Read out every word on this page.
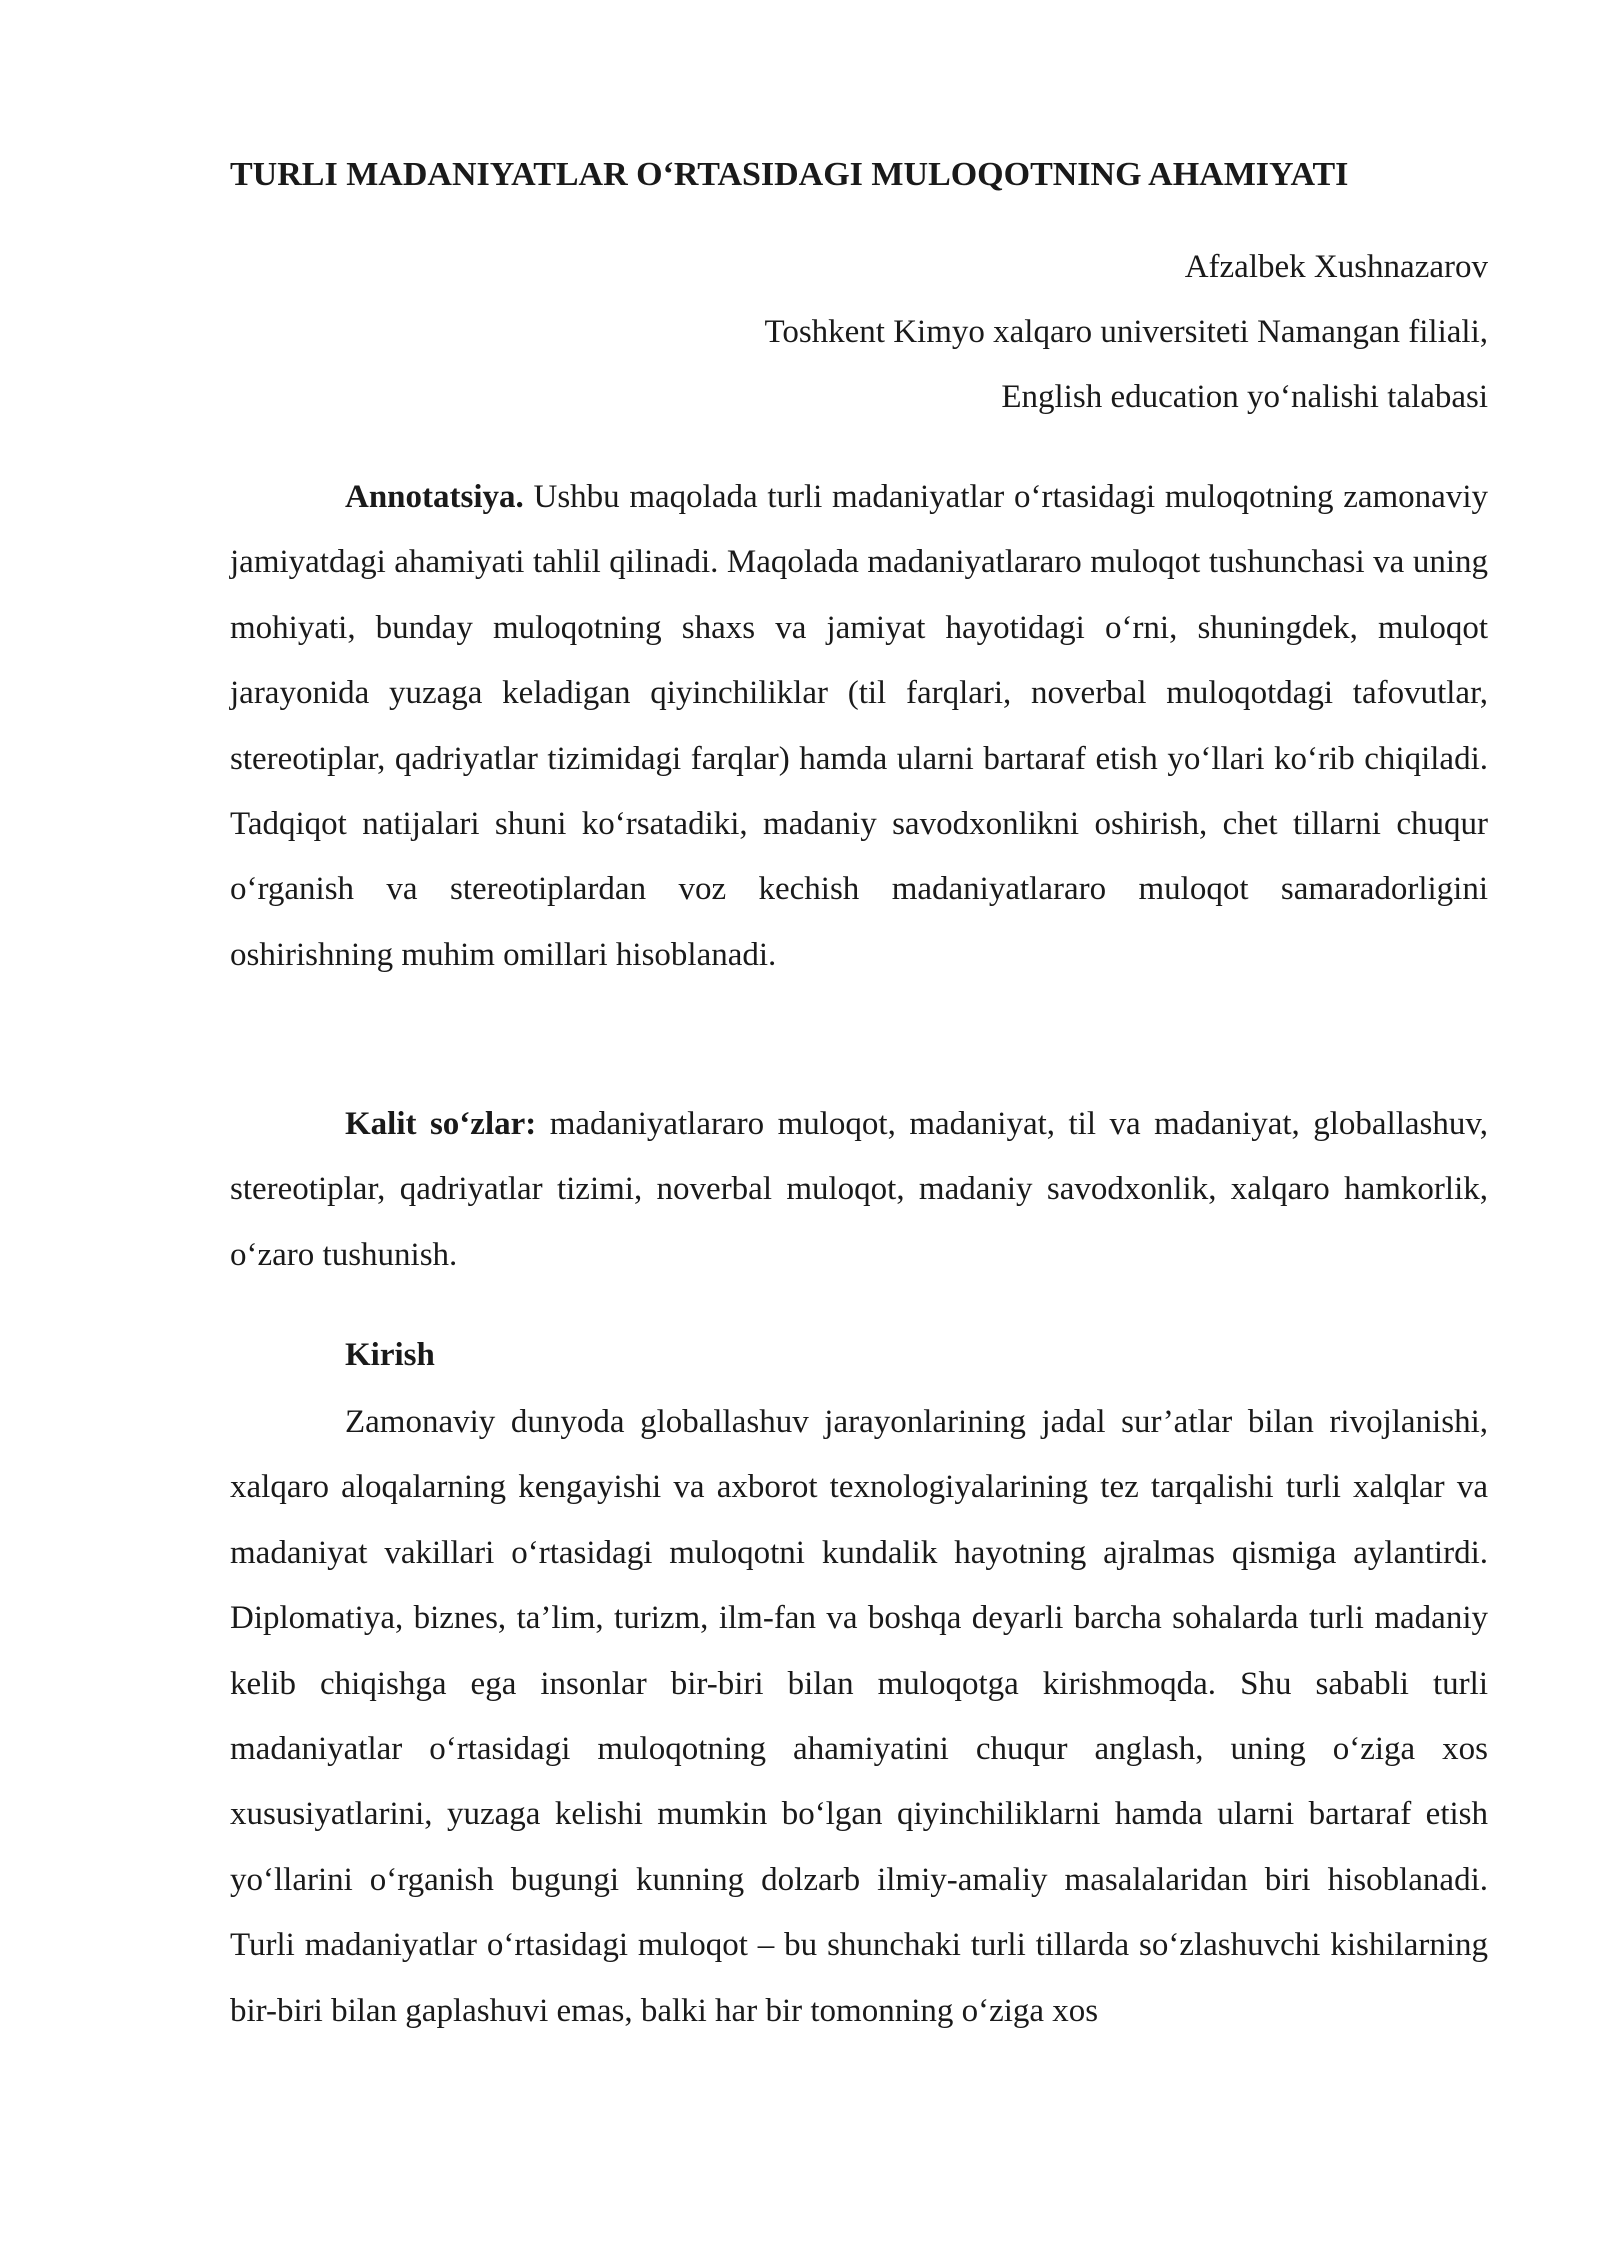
TURLI MADANIYATLAR O‘RTASIDAGI MULOQOTNING AHAMIYATI
Afzalbek Xushnazarov
Toshkent Kimyo xalqaro universiteti Namangan filiali,
English education yo‘nalishi talabasi

Annotatsiya. Ushbu maqolada turli madaniyatlar o‘rtasidagi muloqotning zamonaviy jamiyatdagi ahamiyati tahlil qilinadi. Maqolada madaniyatlararo muloqot tushunchasi va uning mohiyati, bunday muloqotning shaxs va jamiyat hayotidagi o‘rni, shuningdek, muloqot jarayonida yuzaga keladigan qiyinchiliklar (til farqlari, noverbal muloqotdagi tafovutlar, stereotiplar, qadriyatlar tizimidagi farqlar) hamda ularni bartaraf etish yo‘llari ko‘rib chiqiladi. Tadqiqot natijalari shuni ko‘rsatadiki, madaniy savodxonlikni oshirish, chet tillarni chuqur o‘rganish va stereotiplardan voz kechish madaniyatlararo muloqot samaradorligini oshirishning muhim omillari hisoblanadi.

Kalit so‘zlar: madaniyatlararo muloqot, madaniyat, til va madaniyat, globallashuv, stereotiplar, qadriyatlar tizimi, noverbal muloqot, madaniy savodxonlik, xalqaro hamkorlik, o‘zaro tushunish.

Kirish

Zamonaviy dunyoda globallashuv jarayonlarining jadal sur’atlar bilan rivojlanishi, xalqaro aloqalarning kengayishi va axborot texnologiyalarining tez tarqalishi turli xalqlar va madaniyat vakillari o‘rtasidagi muloqotni kundalik hayotning ajralmas qismiga aylantirdi. Diplomatiya, biznes, ta’lim, turizm, ilm-fan va boshqa deyarli barcha sohalarda turli madaniy kelib chiqishga ega insonlar bir-biri bilan muloqotga kirishmoqda. Shu sababli turli madaniyatlar o‘rtasidagi muloqotning ahamiyatini chuqur anglash, uning o‘ziga xos xususiyatlarini, yuzaga kelishi mumkin bo‘lgan qiyinchiliklarni hamda ularni bartaraf etish yo‘llarini o‘rganish bugungi kunning dolzarb ilmiy-amaliy masalalaridan biri hisoblanadi. Turli madaniyatlar o‘rtasidagi muloqot – bu shunchaki turli tillarda so‘zlashuvchi kishilarning bir-biri bilan gaplashuvi emas, balki har bir tomonning o‘ziga xos
